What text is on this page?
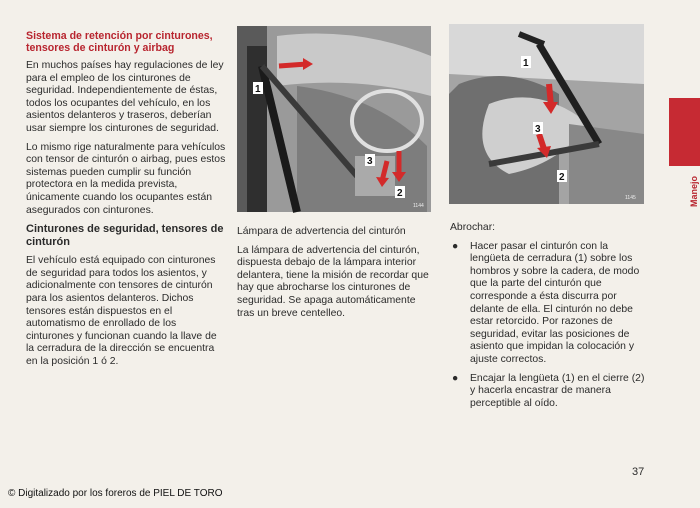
Sistema de retención por cinturones, tensores de cinturón y airbag

En muchos países hay regulaciones de ley para el empleo de los cinturones de seguridad. Independientemente de éstas, todos los ocupantes del vehículo, en los asientos delanteros y traseros, deberían usar siempre los cinturones de seguridad.

Lo mismo rige naturalmente para vehículos con tensor de cinturón o airbag, pues estos sistemas pueden cumplir su función protectora en la medida prevista, únicamente cuando los ocupantes están asegurados con cinturones.

Cinturones de seguridad, tensores de cinturón

El vehículo está equipado con cinturones de seguridad para todos los asientos, y adicionalmente con tensores de cinturón para los asientos delanteros. Dichos tensores están dispuestos en el automatismo de enrollado de los cinturones y funcionan cuando la llave de la cerradura de la dirección se encuentra en la posición 1 ó 2.

1
2
3
1144
1
2
3
1145

Lámpara de advertencia del cinturón

La lámpara de advertencia del cinturón, dispuesta debajo de la lámpara interior delantera, tiene la misión de recordar que hay que abrocharse los cinturones de seguridad. Se apaga automáticamente tras un breve centelleo.

Abrochar:

● Hacer pasar el cinturón con la lengüeta de cerradura (1) sobre los hombros y sobre la cadera, de modo que la parte del cinturón que corresponde a ésta discurra por delante de ella. El cinturón no debe estar retorcido. Por razones de seguridad, evitar las posiciones de asiento que impidan la colocación y ajuste correctos.
● Encajar la lengüeta (1) en el cierre (2) y hacerla encastrar de manera perceptible al oído.
Manejo
37
© Digitalizado por los foreros de PIEL DE TORO
